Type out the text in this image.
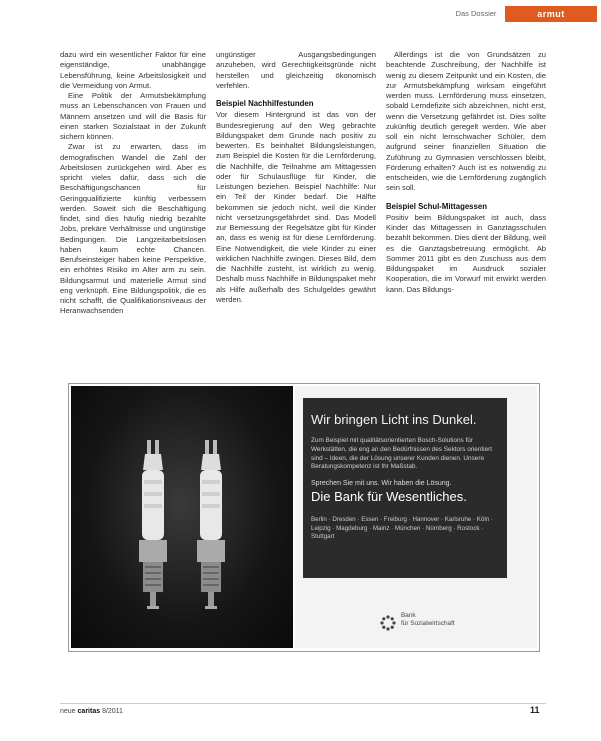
Das Dossier	armut

dazu wird ein wesentlicher Faktor für eine eigenständige, unabhängige Lebensführung, keine Arbeitslosigkeit und die Vermeidung von Armut.

Eine Politik der Armutsbekämpfung muss an Lebenschancen von Frauen und Männern ansetzen und will die Basis für einen starken Sozialstaat in der Zukunft sichern können.

Zwar ist zu erwarten, dass im demografischen Wandel die Zahl der Arbeitslosen zurückgehen wird. Aber es spricht vieles dafür, dass sich die Beschäftigungschancen für Geringqualifizierte künftig verbessern werden. Soweit sich die Beschäftigung findet, sind dies häufig niedrig bezahlte Jobs, prekäre Verhältnisse und ungünstige Bedingungen. Die Langzeitarbeitslosen haben kaum echte Chancen. Berufseinsteiger haben keine Perspektive, ein erhöhtes Risiko im Alter arm zu sein. Bildungsarmut und materielle Armut sind eng verknüpft. Eine Bildungspolitik, die es nicht schafft, die Qualifikationsniveaus der Heranwachsenden

ungünstiger Ausgangsbedingungen anzuheben, wird Gerechtigkeitsgründe nicht herstellen und gleichzeitig ökonomisch verfehlen.

Beispiel Nachhilfestunden

Vor diesem Hintergrund ist das von der Bundesregierung auf den Weg gebrachte Bildungspaket dem Grunde nach positiv zu bewerten. Es beinhaltet Bildungsleistungen, zum Beispiel die Kosten für die Lernförderung, die Nachhilfe, die Teilnahme am Mittagessen oder für Schulausflüge für Kinder, die Leistungen beziehen. Beispiel Nachhilfe: Nur ein Teil der Kinder bedarf. Die Hälfte bekommen sie jedoch nicht, weil die Kinder nicht versetzungsgefährdet sind. Das Modell zur Bemessung der Regelsätze gibt für Kinder an, dass es wenig ist für diese Lernförderung. Eine Notwendigkeit, die viele Kinder zu einer wirklichen Nachhilfe zwingen. Dieses Bild, dem die Nachhilfe zusteht, ist wirklich zu wenig. Deshalb muss Nachhilfe in Bildungspaket mehr als Hilfe außerhalb des Schulgeldes gewährt werden.

Allerdings ist die von Grundsätzen zu beachtende Zuschreibung, der Nachhilfe ist wenig zu diesem Zeitpunkt und ein Kosten, die zur Armutsbekämpfung wirksam eingeführt werden muss. Lernförderung muss einsetzen, sobald Lerndefizite sich abzeichnen, nicht erst, wenn die Versetzung gefährdet ist. Dies sollte zukünftig deutlich geregelt werden. Wie aber soll ein nicht lernschwacher Schüler, dem aufgrund seiner finanziellen Situation die Zuführung zu Gymnasien verschlossen bleibt, Förderung erhalten? Auch ist es notwendig zu entscheiden, wie die Lernförderung zugänglich sein soll.

Beispiel Schul-Mittagessen

Positiv beim Bildungspaket ist auch, dass Kinder das Mittagessen in Ganztagsschulen bezahlt bekommen. Dies dient der Bildung, weil es die Ganztagsbetreuung ermöglicht. Ab Sommer 2011 gibt es den Zuschuss aus dem Bildungspaket im Ausdruck sozialer Kooperation, die im Vorwurf mit erwirkt werden kann. Das Bildungs-

Wir bringen Licht ins Dunkel.

Zum Beispiel mit qualitätsorientierten Bosch-Solutions für Werkstätten, die eng an den Bedürfnissen des Sektors orientiert sind – Ideen, die der Lösung unserer Kunden dienen. Unsere Beratungskompetenz ist Ihr Maßstab.

Sprechen Sie mit uns. Wir haben die Lösung.

Die Bank für Wesentliches.

Berlin · Dresden · Essen · Freiburg · Hannover · Karlsruhe · Köln · Leipzig · Magdeburg · Mainz · München · Nürnberg · Rostock · Stuttgart

Bank
für Sozialwirtschaft
neue caritas 8/2011	11
